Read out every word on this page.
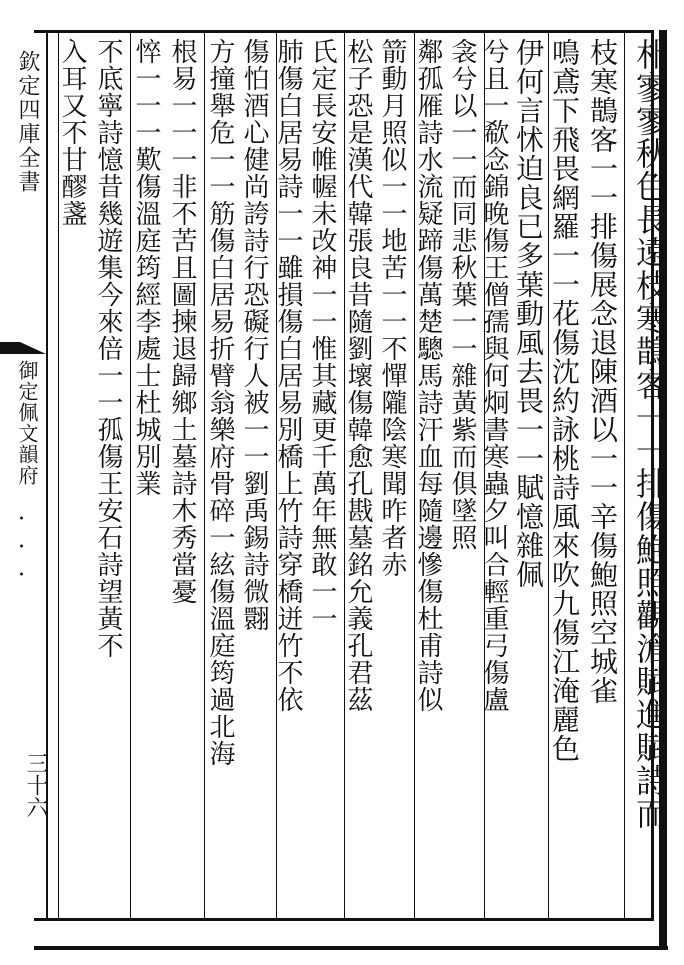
欽定四庫全書
御定佩文韻府
・・・
三十六	朴寥寥秋色長遠枝寒鵲客一一排傷鮑照觀滄賦進賦詩而
枝寒鵲客一一排傷展念退陳酒以一一辛傷鮑照空城雀
鳴鳶下飛畏網羅一一花傷沈約詠桃詩風來吹九傷江淹麗色
伊何言怵迫良已多葉動風去畏一一賦憶雜佩
兮且一欷念錦晚傷王僧孺與何炯書寒蟲夕叫合輕重弓傷盧
衾兮以一一而同悲秋葉一一雜黃紫而俱墜照
鄰孤雁詩水流疑蹄傷萬楚驄馬詩汗血每隨邊慘傷杜甫詩似
箭動月照似一一地苦一一不憚隴陰寒聞昨者赤
松子恐是漢代韓張良昔隨劉壞傷韓愈孔戡墓銘允義孔君茲
氏定長安帷幄未改神一一惟其藏更千萬年無敢一一
肺傷白居易詩一一雖損傷白居易別橋上竹詩穿橋迸竹不依
傷怕酒心健尚誇詩行恐礙行人被一一劉禹錫詩微翾
方撞舉危一一筋傷白居易折臂翁樂府骨碎一絃傷溫庭筠過北海
根易一一一非不苦且圖揀退歸鄉土墓詩木秀當憂
悴一一一歎傷溫庭筠經李處士杜城別業
不底寧詩憶昔幾遊集今來倍一一孤傷王安石詩望黃不
入耳又不甘醪盞
